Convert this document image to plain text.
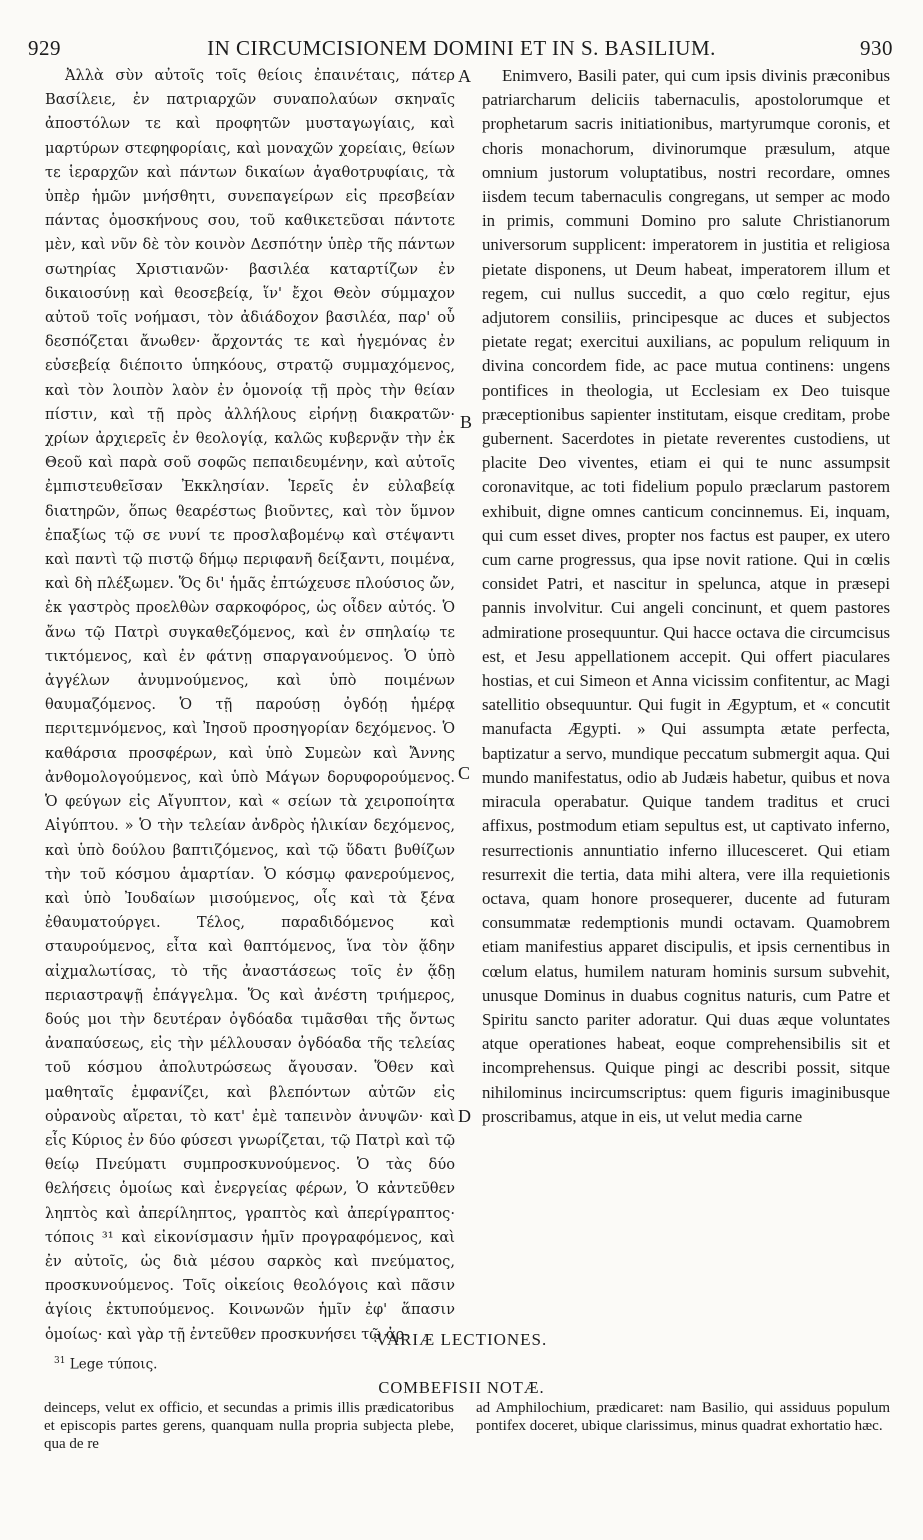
929	IN CIRCUMCISIONEM DOMINI ET IN S. BASILIUM.	930

Ἀλλὰ σὺν αὐτοῖς τοῖς θείοις ἐπαινέταις, πάτερ Βασίλειε, ἐν πατριαρχῶν συναπολαύων σκηναῖς ἀποστόλων τε καὶ προφητῶν μυσταγωγίαις, καὶ μαρτύρων στεφηφορίαις, καὶ μοναχῶν χορείαις, θείων τε ἱεραρχῶν καὶ πάντων δικαίων ἀγαθοτρυφίαις, τὰ ὑπὲρ ἡμῶν μνήσθητι, συνεπαγείρων εἰς πρεσβείαν πάντας ὁμοσκήνους σου, τοῦ καθικετεῦσαι πάντοτε μὲν, καὶ νῦν δὲ τὸν κοινὸν Δεσπότην ὑπὲρ τῆς πάντων σωτηρίας Χριστιανῶν· βασιλέα καταρτίζων ἐν δικαιοσύνῃ καὶ θεοσεβείᾳ, ἵν' ἔχοι Θεὸν σύμμαχον αὐτοῦ τοῖς νοήμασι, τὸν ἀδιάδοχον βασιλέα, παρ' οὗ δεσπόζεται ἄνωθεν· ἄρχοντάς τε καὶ ἡγεμόνας ἐν εὐσεβείᾳ διέποιτο ὑπηκόους, στρατῷ συμμαχόμενος, καὶ τὸν λοιπὸν λαὸν ἐν ὁμονοίᾳ τῇ πρὸς τὴν θείαν πίστιν, καὶ τῇ πρὸς ἀλλήλους εἰρήνῃ διακρατῶν· χρίων ἀρχιερεῖς ἐν θεολογίᾳ, καλῶς κυβερνᾷν τὴν ἐκ Θεοῦ καὶ παρὰ σοῦ σοφῶς πεπαιδευμένην, καὶ αὐτοῖς ἐμπιστευθεῖσαν Ἐκκλησίαν. Ἱερεῖς ἐν εὐλαβείᾳ διατηρῶν, ὅπως θεαρέστως βιοῦντες, καὶ τὸν ὕμνον ἐπαξίως τῷ σε νυνί τε προσλαβομένῳ καὶ στέψαντι καὶ παντὶ τῷ πιστῷ δήμῳ περιφανῆ δείξαντι, ποιμένα, καὶ δὴ πλέξωμεν. Ὅς δι' ἡμᾶς ἐπτώχευσε πλούσιος ὤν, ἐκ γαστρὸς προελθὼν σαρκοφόρος, ὡς οἶδεν αὐτός. Ὁ ἄνω τῷ Πατρὶ συγκαθεζόμενος, καὶ ἐν σπηλαίῳ τε τικτόμενος, καὶ ἐν φάτνῃ σπαργανούμενος. Ὁ ὑπὸ ἀγγέλων ἀνυμνούμενος, καὶ ὑπὸ ποιμένων θαυμαζόμενος. Ὁ τῇ παρούσῃ ὀγδόῃ ἡμέρᾳ περιτεμνόμενος, καὶ Ἰησοῦ προσηγορίαν δεχόμενος. Ὁ καθάρσια προσφέρων, καὶ ὑπὸ Συμεὼν καὶ Ἄννης ἀνθομολογούμενος, καὶ ὑπὸ Μάγων δορυφορούμενος. Ὁ φεύγων εἰς Αἴγυπτον, καὶ « σείων τὰ χειροποίητα Αἰγύπτου. » Ὁ τὴν τελείαν ἀνδρὸς ἡλικίαν δεχόμενος, καὶ ὑπὸ δούλου βαπτιζόμενος, καὶ τῷ ὕδατι βυθίζων τὴν τοῦ κόσμου ἁμαρτίαν. Ὁ κόσμῳ φανερούμενος, καὶ ὑπὸ Ἰουδαίων μισούμενος, οἷς καὶ τὰ ξένα ἐθαυματούργει. Τέλος, παραδιδόμενος καὶ σταυρούμενος, εἶτα καὶ θαπτόμενος, ἵνα τὸν ᾅδην αἰχμαλωτίσας, τὸ τῆς ἀναστάσεως τοῖς ἐν ᾅδῃ περιαστραψῇ ἐπάγγελμα. Ὅς καὶ ἀνέστη τριήμερος, δούς μοι τὴν δευτέραν ὀγδόαδα τιμᾶσθαι τῆς ὄντως ἀναπαύσεως, εἰς τὴν μέλλουσαν ὀγδόαδα τῆς τελείας τοῦ κόσμου ἀπολυτρώσεως ἄγουσαν. Ὅθεν καὶ μαθηταῖς ἐμφανίζει, καὶ βλεπόντων αὐτῶν εἰς οὐρανοὺς αἴρεται, τὸ κατ' ἐμὲ ταπεινὸν ἀνυψῶν· καὶ εἷς Κύριος ἐν δύο φύσεσι γνωρίζεται, τῷ Πατρὶ καὶ τῷ θείῳ Πνεύματι συμπροσκυνούμενος. Ὁ τὰς δύο θελήσεις ὁμοίως καὶ ἐνεργείας φέρων, Ὁ κἀντεῦθεν ληπτὸς καὶ ἀπερίληπτος, γραπτὸς καὶ ἀπερίγραπτος· τόποις ³¹ καὶ εἰκονίσμασιν ἡμῖν προγραφόμενος, καὶ ἐν αὐτοῖς, ὡς διὰ μέσου σαρκὸς καὶ πνεύματος, προσκυνούμενος. Τοῖς οἰκείοις θεολόγοις καὶ πᾶσιν ἁγίοις ἐκτυπούμενος. Κοινωνῶν ἡμῖν ἐφ' ἅπασιν ὁμοίως· καὶ γὰρ τῇ ἐντεῦθεν προσκυνήσει τῷ ἀρ-

Enimvero, Basili pater, qui cum ipsis divinis præconibus patriarcharum deliciis tabernaculis, apostolorumque et prophetarum sacris initiationibus, martyrumque coronis, et choris monachorum, divinorumque præsulum, atque omnium justorum voluptatibus, nostri recordare, omnes iisdem tecum tabernaculis congregans, ut semper ac modo in primis, communi Domino pro salute Christianorum universorum supplicent: imperatorem in justitia et religiosa pietate disponens, ut Deum habeat, imperatorem illum et regem, cui nullus succedit, a quo cœlo regitur, ejus adjutorem consiliis, principesque ac duces et subjectos pietate regat; exercitui auxilians, ac populum reliquum in divina concordem fide, ac pace mutua continens: ungens pontifices in theologia, ut Ecclesiam ex Deo tuisque præceptionibus sapienter institutam, eisque creditam, probe gubernent. Sacerdotes in pietate reverentes custodiens, ut placite Deo viventes, etiam ei qui te nunc assumpsit coronavitque, ac toti fidelium populo præclarum pastorem exhibuit, digne omnes canticum concinnemus. Ei, inquam, qui cum esset dives, propter nos factus est pauper, ex utero cum carne progressus, qua ipse novit ratione. Qui in cœlis considet Patri, et nascitur in spelunca, atque in præsepi pannis involvitur. Cui angeli concinunt, et quem pastores admiratione prosequuntur. Qui hacce octava die circumcisus est, et Jesu appellationem accepit. Qui offert piaculares hostias, et cui Simeon et Anna vicissim confitentur, ac Magi satellitio obsequuntur. Qui fugit in Ægyptum, et « concutit manufacta Ægypti. » Qui assumpta ætate perfecta, baptizatur a servo, mundique peccatum submergit aqua. Qui mundo manifestatus, odio ab Judæis habetur, quibus et nova miracula operabatur. Quique tandem traditus et cruci affixus, postmodum etiam sepultus est, ut captivato inferno, resurrectionis annuntiatio inferno illucesceret. Qui etiam resurrexit die tertia, data mihi altera, vere illa requietionis octava, quam honore prosequerer, ducente ad futuram consummatæ redemptionis mundi octavam. Quamobrem etiam manifestius apparet discipulis, et ipsis cernentibus in cœlum elatus, humilem naturam hominis sursum subvehit, unusque Dominus in duabus cognitus naturis, cum Patre et Spiritu sancto pariter adoratur. Qui duas æque voluntates atque operationes habeat, eoque comprehensibilis sit et incomprehensus. Quique pingi ac describi possit, sitque nihilominus incircumscriptus: quem figuris imaginibusque proscribamus, atque in eis, ut velut media carne

A
B
C
D
VARIÆ LECTIONES.
$^{31}$ Lege τύποις.
COMBEFISII NOTÆ.
deinceps, velut ex officio, et secundas a primis illis prædicatoribus et episcopis partes gerens, quanquam nulla propria subjecta plebe, qua de re
ad Amphilochium, prædicaret: nam Basilio, qui assiduus populum pontifex doceret, ubique clarissimus, minus quadrat exhortatio hæc.
